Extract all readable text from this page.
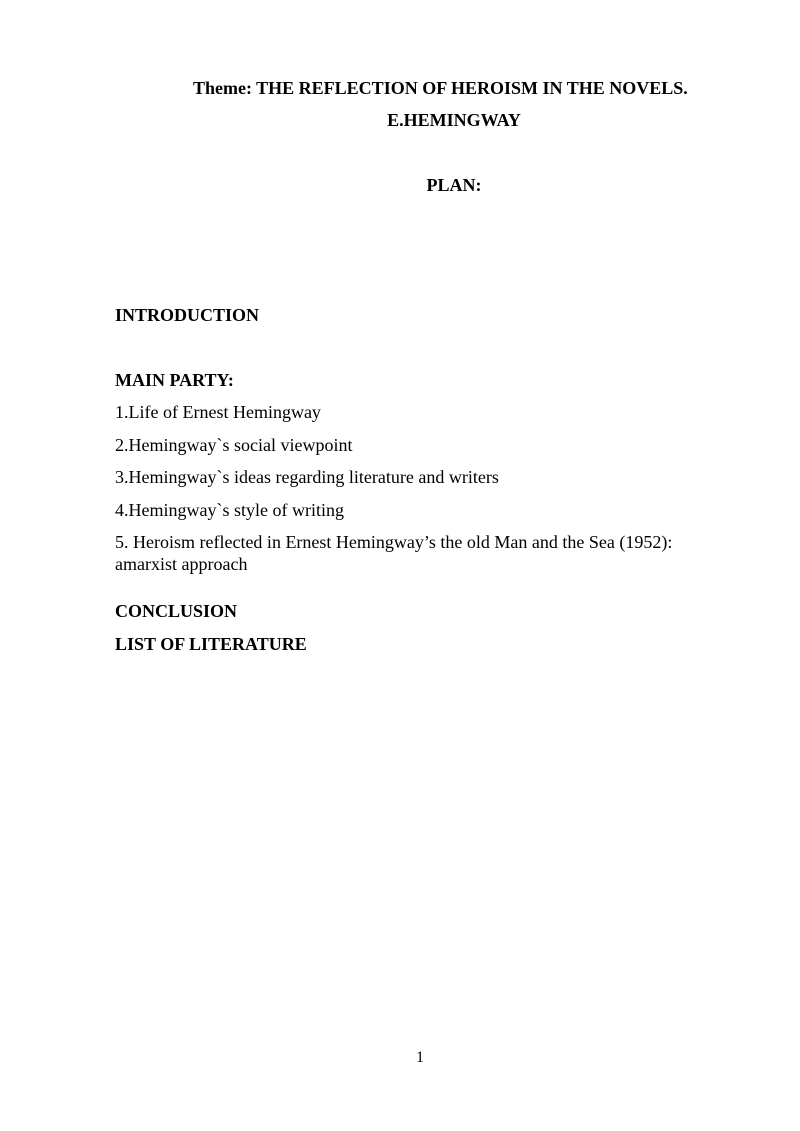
Theme: THE REFLECTION OF HEROISM IN THE NOVELS.
E.HEMINGWAY
PLAN:
INTRODUCTION
MAIN PARTY:
1.Life of Ernest Hemingway
2.Hemingway`s social viewpoint
3.Hemingway`s ideas regarding literature and writers
4.Hemingway`s style of writing
5. Heroism reflected in Ernest Hemingway’s the old Man and the Sea (1952): amarxist approach
CONCLUSION
LIST OF LITERATURE
1
